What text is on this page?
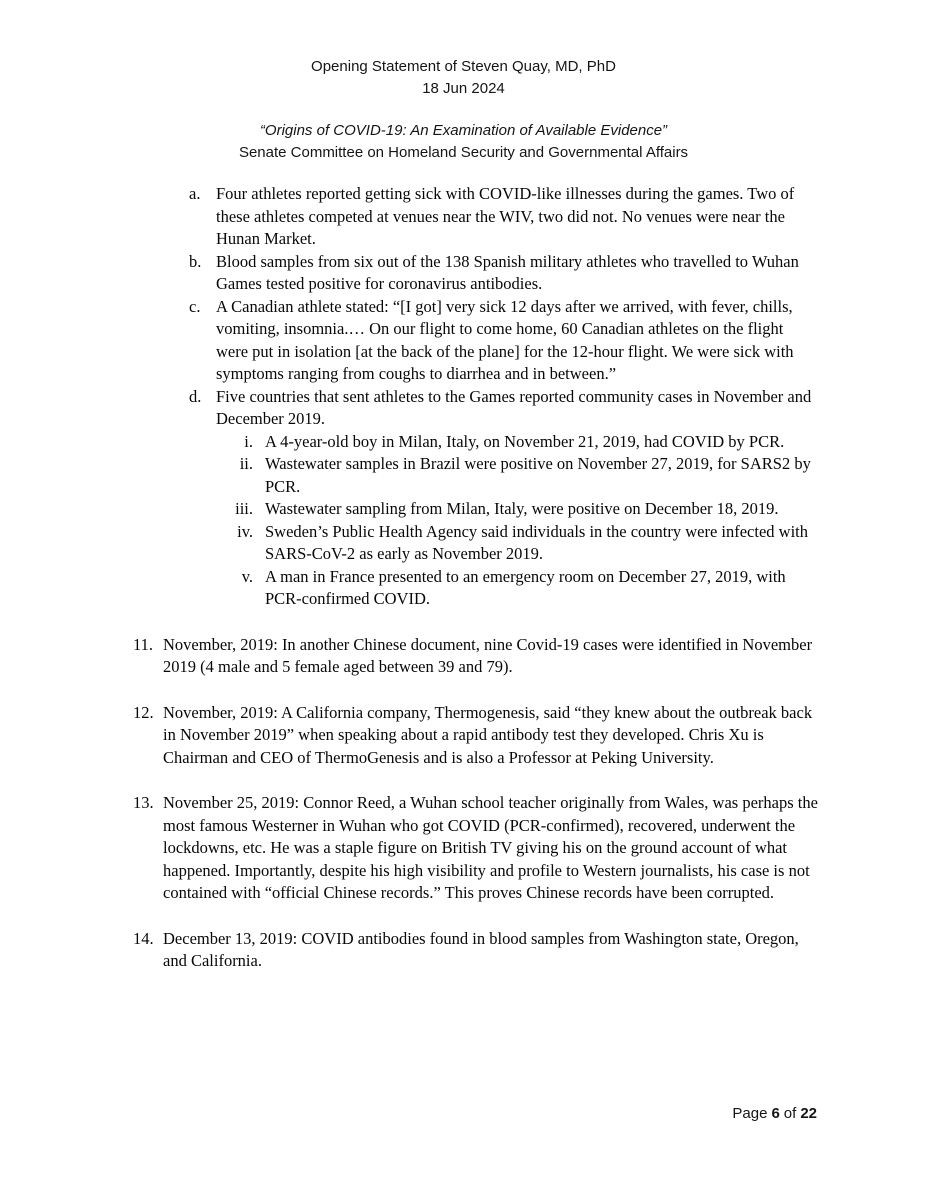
Opening Statement of Steven Quay, MD, PhD
18 Jun 2024
“Origins of COVID-19: An Examination of Available Evidence”
Senate Committee on Homeland Security and Governmental Affairs
a. Four athletes reported getting sick with COVID-like illnesses during the games. Two of these athletes competed at venues near the WIV, two did not. No venues were near the Hunan Market.
b. Blood samples from six out of the 138 Spanish military athletes who travelled to Wuhan Games tested positive for coronavirus antibodies.
c. A Canadian athlete stated: “[I got] very sick 12 days after we arrived, with fever, chills, vomiting, insomnia.… On our flight to come home, 60 Canadian athletes on the flight were put in isolation [at the back of the plane] for the 12-hour flight. We were sick with symptoms ranging from coughs to diarrhea and in between.”
d. Five countries that sent athletes to the Games reported community cases in November and December 2019.
i. A 4-year-old boy in Milan, Italy, on November 21, 2019, had COVID by PCR.
ii. Wastewater samples in Brazil were positive on November 27, 2019, for SARS2 by PCR.
iii. Wastewater sampling from Milan, Italy, were positive on December 18, 2019.
iv. Sweden’s Public Health Agency said individuals in the country were infected with SARS-CoV-2 as early as November 2019.
v. A man in France presented to an emergency room on December 27, 2019, with PCR-confirmed COVID.
11. November, 2019: In another Chinese document, nine Covid-19 cases were identified in November 2019 (4 male and 5 female aged between 39 and 79).
12. November, 2019: A California company, Thermogenesis, said “they knew about the outbreak back in November 2019” when speaking about a rapid antibody test they developed. Chris Xu is Chairman and CEO of ThermoGenesis and is also a Professor at Peking University.
13. November 25, 2019: Connor Reed, a Wuhan school teacher originally from Wales, was perhaps the most famous Westerner in Wuhan who got COVID (PCR-confirmed), recovered, underwent the lockdowns, etc. He was a staple figure on British TV giving his on the ground account of what happened. Importantly, despite his high visibility and profile to Western journalists, his case is not contained with “official Chinese records.” This proves Chinese records have been corrupted.
14. December 13, 2019: COVID antibodies found in blood samples from Washington state, Oregon, and California.
Page 6 of 22
